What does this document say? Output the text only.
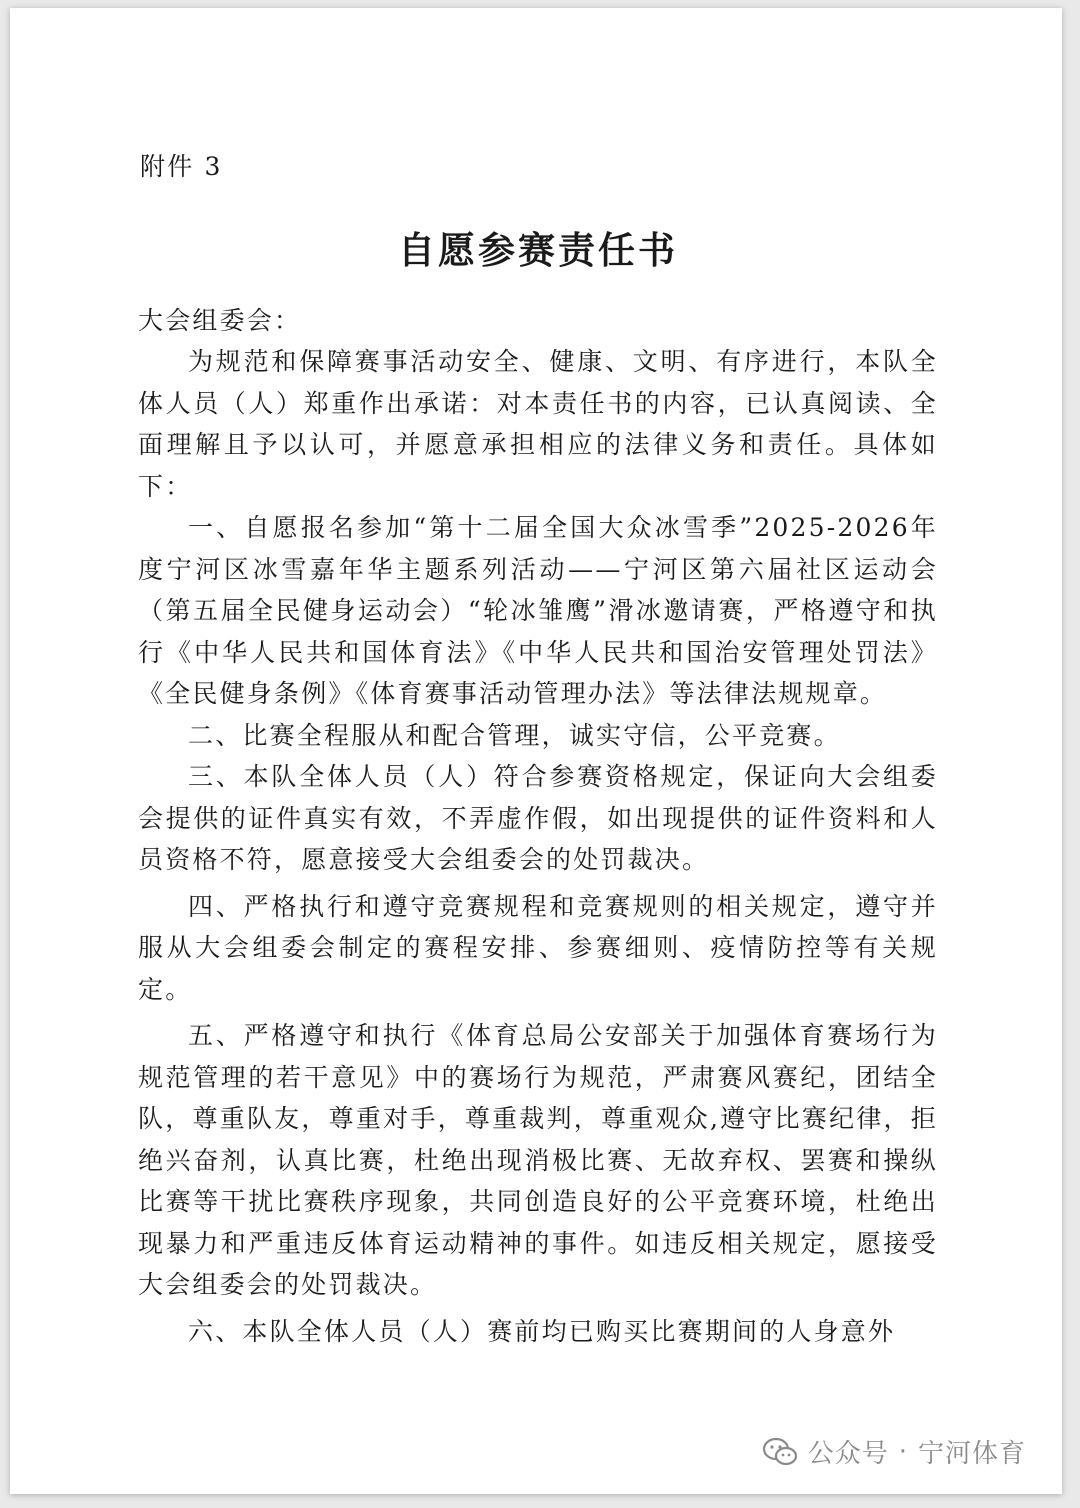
附件 3
自愿参赛责任书

大会组委会：

为规范和保障赛事活动安全、健康、文明、有序进行，本队全体人员（人）郑重作出承诺：对本责任书的内容，已认真阅读、全面理解且予以认可，并愿意承担相应的法律义务和责任。具体如下：

一、自愿报名参加“第十二届全国大众冰雪季”2025-2026年度宁河区冰雪嘉年华主题系列活动——宁河区第六届社区运动会（第五届全民健身运动会）“轮冰雏鹰”滑冰邀请赛，严格遵守和执行《中华人民共和国体育法》《中华人民共和国治安管理处罚法》《全民健身条例》《体育赛事活动管理办法》等法律法规规章。

二、比赛全程服从和配合管理，诚实守信，公平竞赛。

三、本队全体人员（人）符合参赛资格规定，保证向大会组委会提供的证件真实有效，不弄虚作假，如出现提供的证件资料和人员资格不符，愿意接受大会组委会的处罚裁决。

四、严格执行和遵守竞赛规程和竞赛规则的相关规定，遵守并服从大会组委会制定的赛程安排、参赛细则、疫情防控等有关规定。

五、严格遵守和执行《体育总局公安部关于加强体育赛场行为规范管理的若干意见》中的赛场行为规范，严肃赛风赛纪，团结全队，尊重队友，尊重对手，尊重裁判，尊重观众,遵守比赛纪律，拒绝兴奋剂，认真比赛，杜绝出现消极比赛、无故弃权、罢赛和操纵比赛等干扰比赛秩序现象，共同创造良好的公平竞赛环境，杜绝出现暴力和严重违反体育运动精神的事件。如违反相关规定，愿接受大会组委会的处罚裁决。

六、本队全体人员（人）赛前均已购买比赛期间的人身意外

公众号 · 宁河体育
